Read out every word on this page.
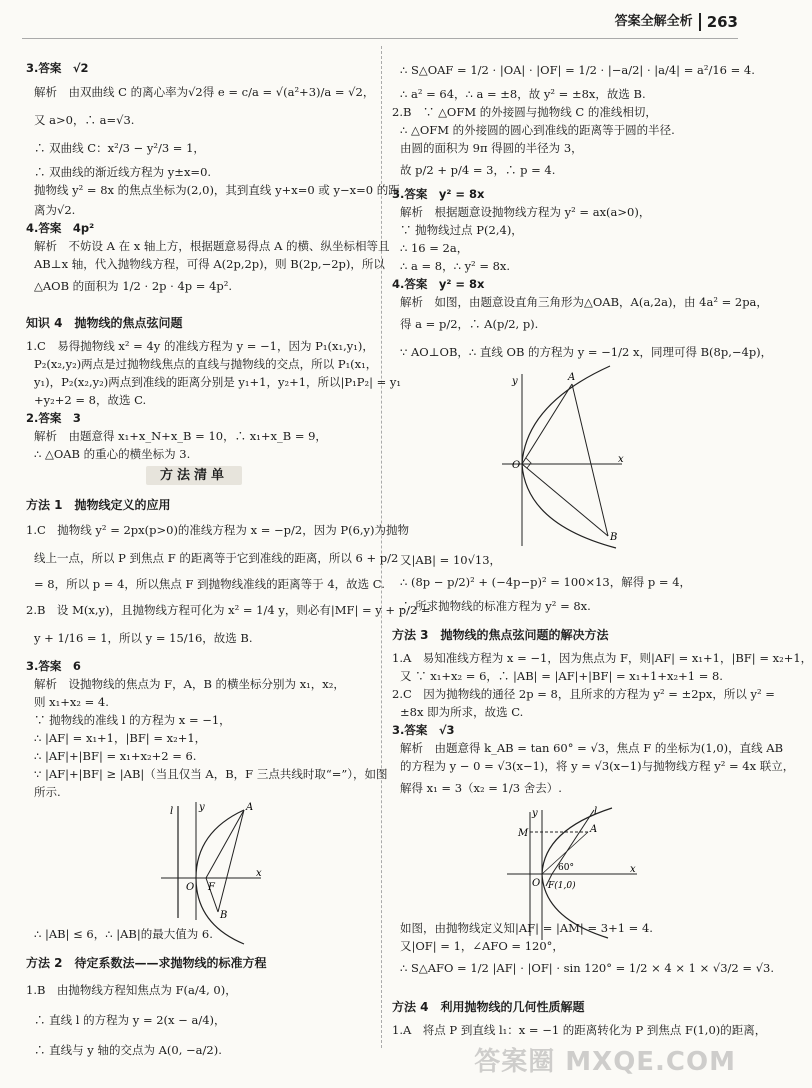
答案全解全析 263
3.答案　√2
解析　由双曲线 C 的离心率为√2得 e = c/a = √(a²+3)/a = √2，
又 a>0，∴ a=√3.
∴ 双曲线 C：x²/3 − y²/3 = 1，
∴ 双曲线的渐近线方程为 y±x=0.
抛物线 y² = 8x 的焦点坐标为(2,0)，其到直线 y+x=0 或 y−x=0 的距
离为√2.
4.答案　4p²
解析　不妨设 A 在 x 轴上方，根据题意易得点 A 的横、纵坐标相等且
AB⊥x 轴，代入抛物线方程，可得 A(2p,2p)，则 B(2p,−2p)，所以
△AOB 的面积为 1/2 · 2p · 4p = 4p².
知识 4　抛物线的焦点弦问题
1.C　易得抛物线 x² = 4y 的准线方程为 y = −1，因为 P₁(x₁,y₁)，
P₂(x₂,y₂)两点是过抛物线焦点的直线与抛物线的交点，所以 P₁(x₁，
y₁)，P₂(x₂,y₂)两点到准线的距离分别是 y₁+1，y₂+1，所以|P₁P₂| = y₁
+y₂+2 = 8，故选 C.
2.答案　3
解析　由题意得 x₁+x_N+x_B = 10，∴ x₁+x_B = 9，
∴ △OAB 的重心的横坐标为 3.
方法清单
方法 1　抛物线定义的应用
1.C　抛物线 y² = 2px(p>0)的准线方程为 x = −p/2，因为 P(6,y)为抛物
线上一点，所以 P 到焦点 F 的距离等于它到准线的距离，所以 6 + p/2
= 8，所以 p = 4，所以焦点 F 到抛物线准线的距离等于 4，故选 C.
2.B　设 M(x,y)，且抛物线方程可化为 x² = 1/4 y，则必有|MF| = y + p/2 =
y + 1/16 = 1，所以 y = 15/16，故选 B.
3.答案　6
解析　设抛物线的焦点为 F，A，B 的横坐标分别为 x₁，x₂，
则 x₁+x₂ = 4.
∵ 抛物线的准线 l 的方程为 x = −1，
∴ |AF| = x₁+1，|BF| = x₂+1，
∴ |AF|+|BF| = x₁+x₂+2 = 6.
∵ |AF|+|BF| ≥ |AB|（当且仅当 A，B，F 三点共线时取“=”），如图
所示.
l	y	A
O F
B
x
∴ |AB| ≤ 6，∴ |AB|的最大值为 6.
方法 2　待定系数法——求抛物线的标准方程
1.B　由抛物线方程知焦点为 F(a/4, 0)，
∴ 直线 l 的方程为 y = 2(x − a/4)，
∴ 直线与 y 轴的交点为 A(0, −a/2).
∴ S△OAF = 1/2 · |OA| · |OF| = 1/2 · |−a/2| · |a/4| = a²/16 = 4.
∴ a² = 64，∴ a = ±8，故 y² = ±8x，故选 B.
2.B　∵ △OFM 的外接圆与抛物线 C 的准线相切，
∴ △OFM 的外接圆的圆心到准线的距离等于圆的半径.
由圆的面积为 9π 得圆的半径为 3，
故 p/2 + p/4 = 3，∴ p = 4.
3.答案　y² = 8x
解析　根据题意设抛物线方程为 y² = ax(a>0)，
∵ 抛物线过点 P(2,4)，
∴ 16 = 2a，
∴ a = 8，∴ y² = 8x.
4.答案　y² = 8x
解析　如图，由题意设直角三角形为△OAB，A(a,2a)，由 4a² = 2pa，
得 a = p/2，∴ A(p/2, p).
∵ AO⊥OB，∴ 直线 OB 的方程为 y = −1/2 x，同理可得 B(8p,−4p)，
y	A
O
x
B
又|AB| = 10√13，
∴ (8p − p/2)² + (−4p−p)² = 100×13，解得 p = 4，
∴ 所求抛物线的标准方程为 y² = 8x.
方法 3　抛物线的焦点弦问题的解决方法
1.A　易知准线方程为 x = −1，因为焦点为 F，则|AF| = x₁+1，|BF| = x₂+1，
又 ∵ x₁+x₂ = 6，∴ |AB| = |AF|+|BF| = x₁+1+x₂+1 = 8.
2.C　因为抛物线的通径 2p = 8，且所求的方程为 y² = ±2px，所以 y² =
±8x 即为所求，故选 C.
3.答案　√3
解析　由题意得 k_AB = tan 60° = √3，焦点 F 的坐标为(1,0)，直线 AB
的方程为 y − 0 = √3(x−1)，将 y = √3(x−1)与抛物线方程 y² = 4x 联立，
解得 x₁ = 3（x₂ = 1/3 舍去）.
y	l
M	A
60°
O F(1,0)
x
如图，由抛物线定义知|AF| = |AM| = 3+1 = 4.
又|OF| = 1，∠AFO = 120°，
∴ S△AFO = 1/2 |AF| · |OF| · sin 120° = 1/2 × 4 × 1 × √3/2 = √3.
方法 4　利用抛物线的几何性质解题
1.A　将点 P 到直线 l₁：x = −1 的距离转化为 P 到焦点 F(1,0)的距离，
答案圈 MXQE.COM
